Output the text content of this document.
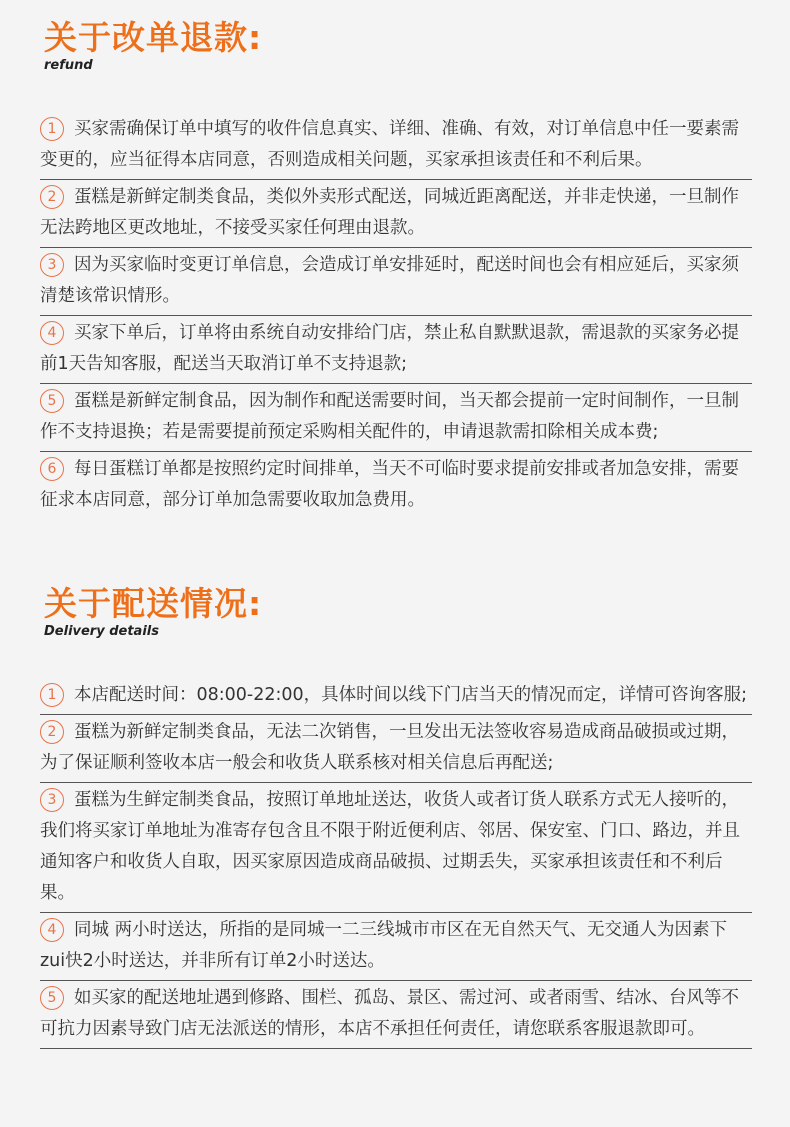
关于改单退款:
refund
1 买家需确保订单中填写的收件信息真实、详细、准确、有效，对订单信息中任一要素需变更的，应当征得本店同意，否则造成相关问题，买家承担该责任和不利后果。
2 蛋糕是新鲜定制类食品，类似外卖形式配送，同城近距离配送，并非走快递，一旦制作无法跨地区更改地址，不接受买家任何理由退款。
3 因为买家临时变更订单信息，会造成订单安排延时，配送时间也会有相应延后，买家须清楚该常识情形。
4 买家下单后，订单将由系统自动安排给门店，禁止私自默默退款，需退款的买家务必提前1天告知客服，配送当天取消订单不支持退款;
5 蛋糕是新鲜定制食品，因为制作和配送需要时间，当天都会提前一定时间制作，一旦制作不支持退换；若是需要提前预定采购相关配件的，申请退款需扣除相关成本费;
6 每日蛋糕订单都是按照约定时间排单，当天不可临时要求提前安排或者加急安排，需要征求本店同意，部分订单加急需要收取加急费用。
关于配送情况:
Delivery details
1 本店配送时间：08:00-22:00，具体时间以线下门店当天的情况而定，详情可咨询客服;
2 蛋糕为新鲜定制类食品，无法二次销售，一旦发出无法签收容易造成商品破损或过期，为了保证顺利签收本店一般会和收货人联系核对相关信息后再配送;
3 蛋糕为生鲜定制类食品，按照订单地址送达，收货人或者订货人联系方式无人接听的，我们将买家订单地址为准寄存包含且不限于附近便利店、邻居、保安室、门口、路边，并且通知客户和收货人自取，因买家原因造成商品破损、过期丢失，买家承担该责任和不利后果。
4 同城 两小时送达，所指的是同城一二三线城市市区在无自然天气、无交通人为因素下zui快2小时送达，并非所有订单2小时送达。
5 如买家的配送地址遇到修路、围栏、孤岛、景区、需过河、或者雨雪、结冰、台风等不可抗力因素导致门店无法派送的情形，本店不承担任何责任，请您联系客服退款即可。
